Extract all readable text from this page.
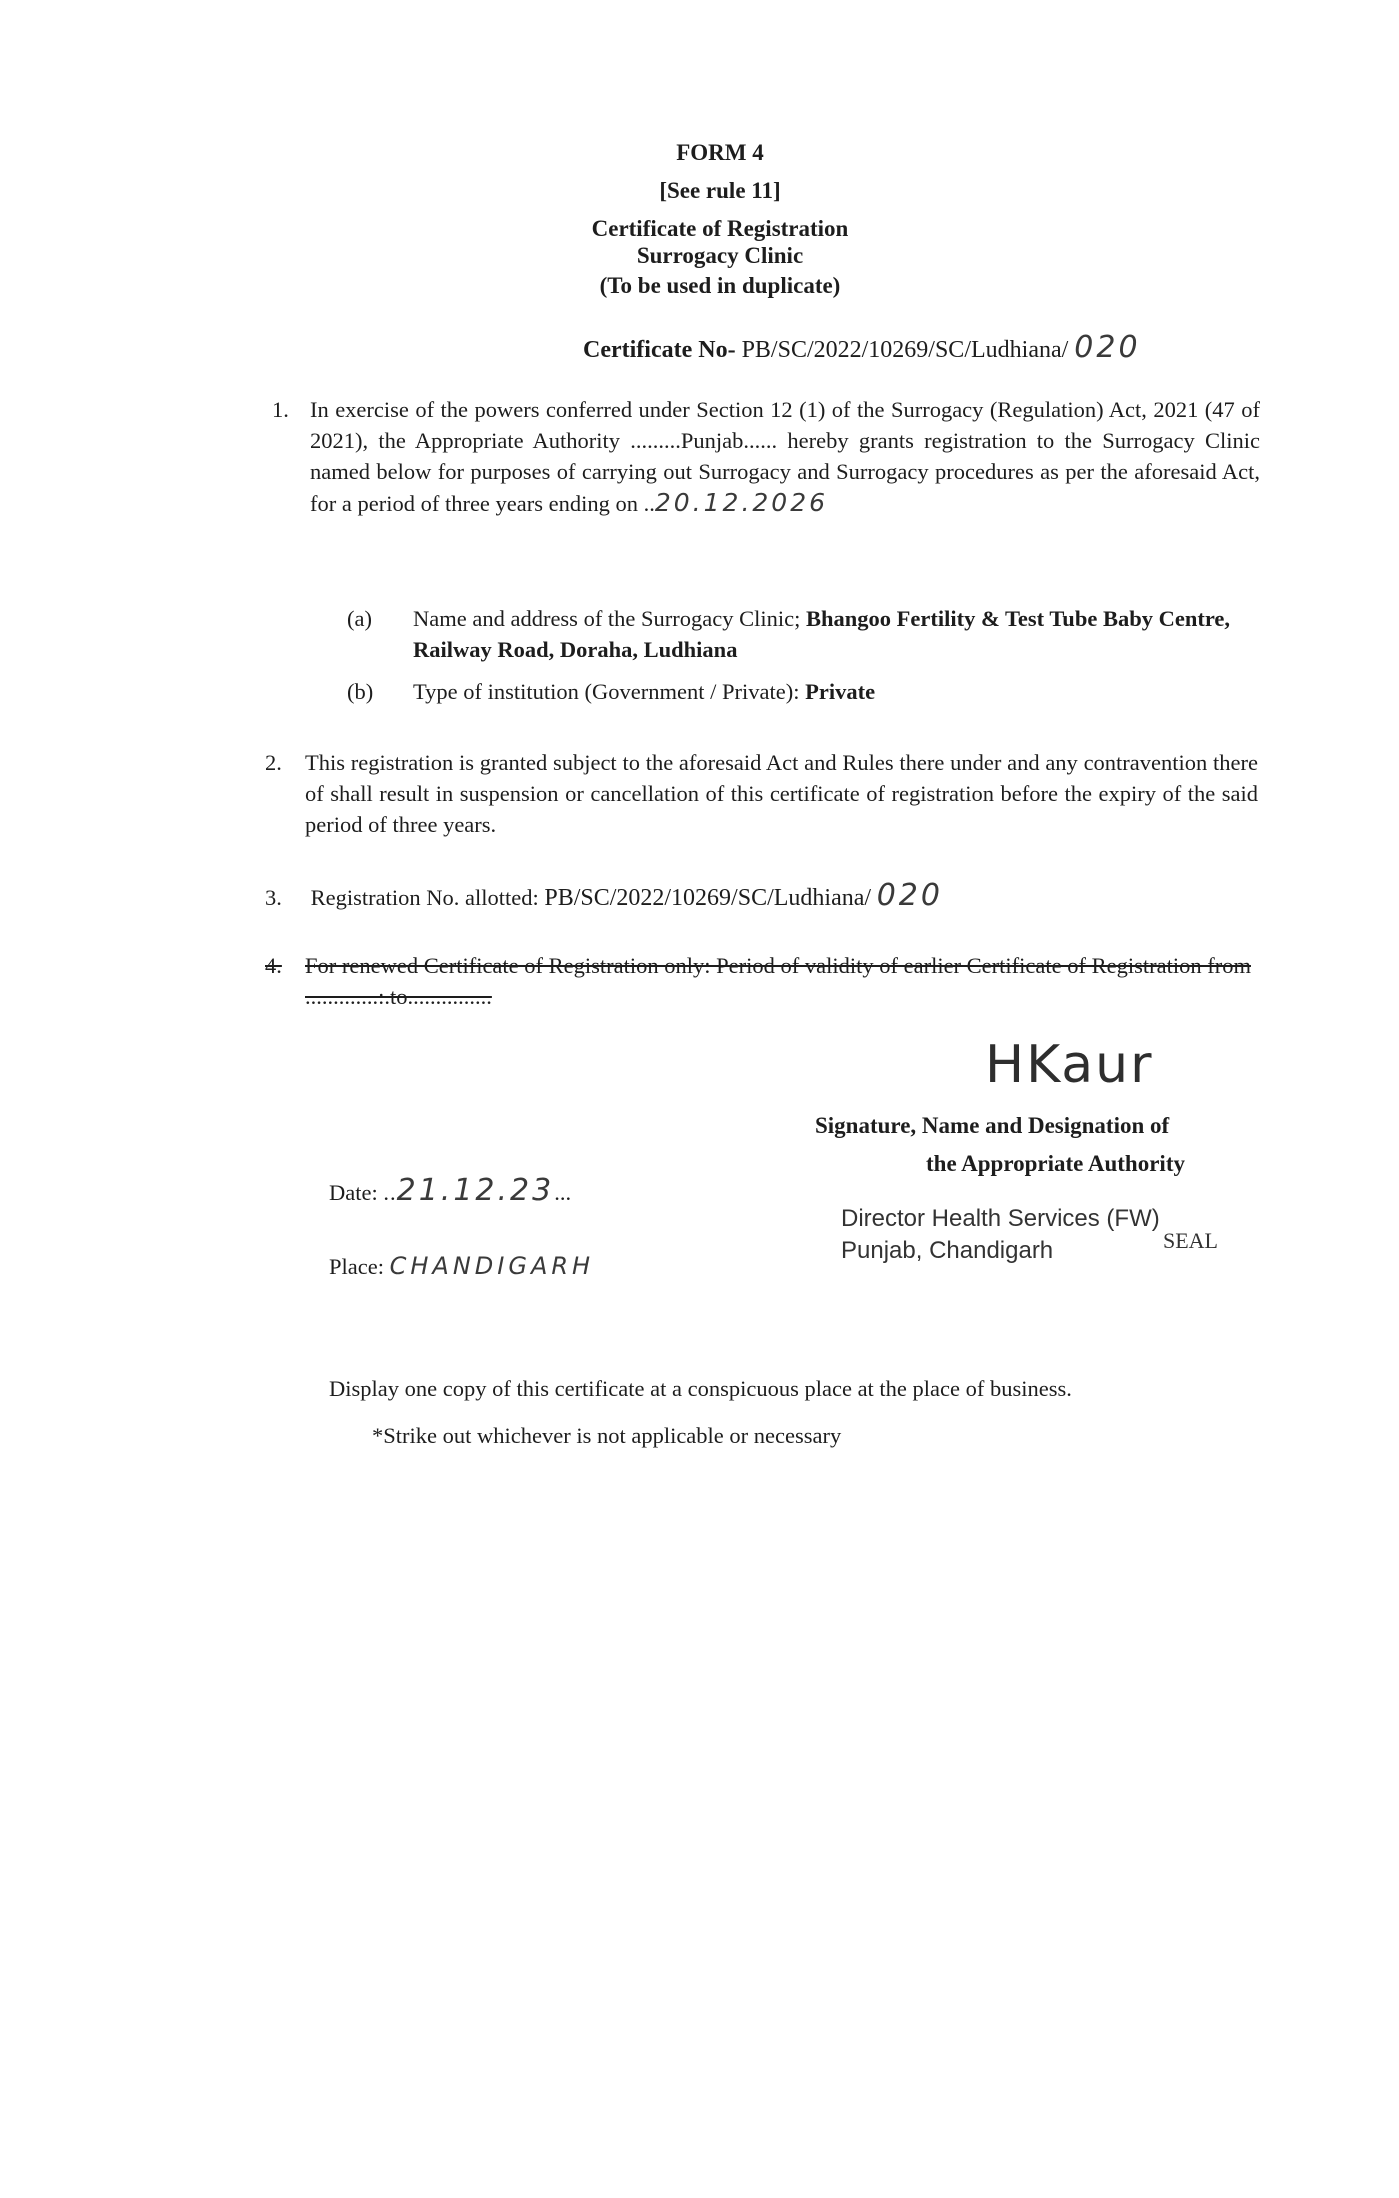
FORM 4
[See rule 11]
Certificate of Registration
Surrogacy Clinic
(To be used in duplicate)
Certificate No- PB/SC/2022/10269/SC/Ludhiana/ 020
1. In exercise of the powers conferred under Section 12 (1) of the Surrogacy (Regulation) Act, 2021 (47 of 2021), the Appropriate Authority .........Punjab...... hereby grants registration to the Surrogacy Clinic named below for purposes of carrying out Surrogacy and Surrogacy procedures as per the aforesaid Act, for a period of three years ending on ..20.12.2026
(a)	Name and address of the Surrogacy Clinic; Bhangoo Fertility & Test Tube Baby Centre, Railway Road, Doraha, Ludhiana
(b)	Type of institution (Government / Private): Private
2.	This registration is granted subject to the aforesaid Act and Rules there under and any contravention there of shall result in suspension or cancellation of this certificate of registration before the expiry of the said period of three years.
3. Registration No. allotted: PB/SC/2022/10269/SC/Ludhiana/ 020
4.	For renewed Certificate of Registration only: Period of validity of earlier Certificate of Registration from .............:.to...............
HKaur
Signature, Name and Designation of
the Appropriate Authority
Director Health Services (FW)
Punjab, Chandigarh	SEAL
Date: ..21.12.23...
Place: CHANDIGARH
Display one copy of this certificate at a conspicuous place at the place of business.
*Strike out whichever is not applicable or necessary
